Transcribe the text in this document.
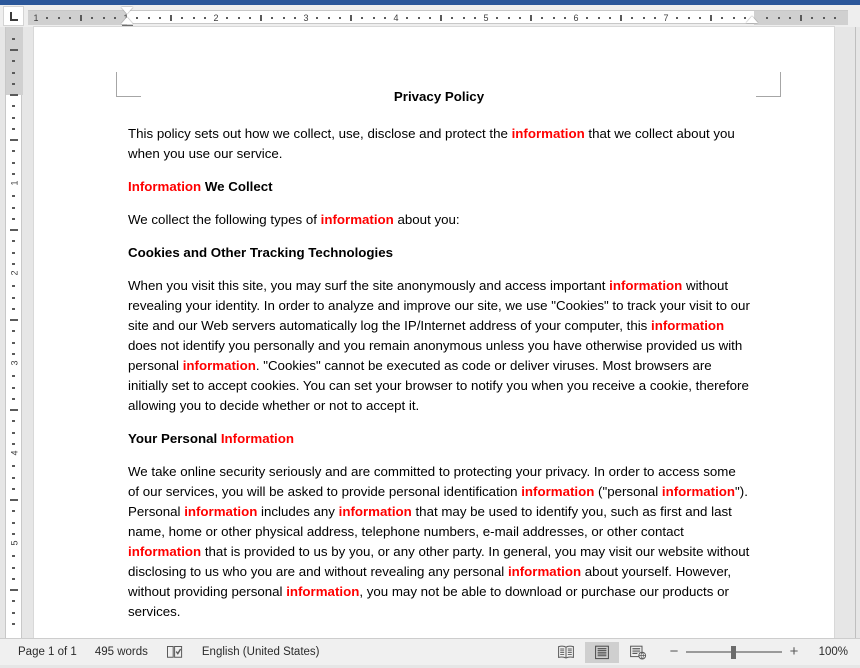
1	1	2	3	4	5	6	7
1
2
3
4
5
Privacy Policy
This policy sets out how we collect, use, disclose and protect the information that we collect about you when you use our service.
Information We Collect
We collect the following types of information about you:
Cookies and Other Tracking Technologies
When you visit this site, you may surf the site anonymously and access important information without revealing your identity. In order to analyze and improve our site, we use "Cookies" to track your visit to our site and our Web servers automatically log the IP/Internet address of your computer, this information does not identify you personally and you remain anonymous unless you have otherwise provided us with personal information. "Cookies" cannot be executed as code or deliver viruses. Most browsers are initially set to accept cookies. You can set your browser to notify you when you receive a cookie, therefore allowing you to decide whether or not to accept it.
Your Personal Information
We take online security seriously and are committed to protecting your privacy. In order to access some of our services, you will be asked to provide personal identification information ("personal information"). Personal information includes any information that may be used to identify you, such as first and last name, home or other physical address, telephone numbers, e-mail addresses, or other contact information that is provided to us by you, or any other party. In general, you may visit our website without disclosing to us who you are and without revealing any personal information about yourself. However, without providing personal information, you may not be able to download or purchase our products or services.
Page 1 of 1	495 words	English (United States)	−	+	100%
